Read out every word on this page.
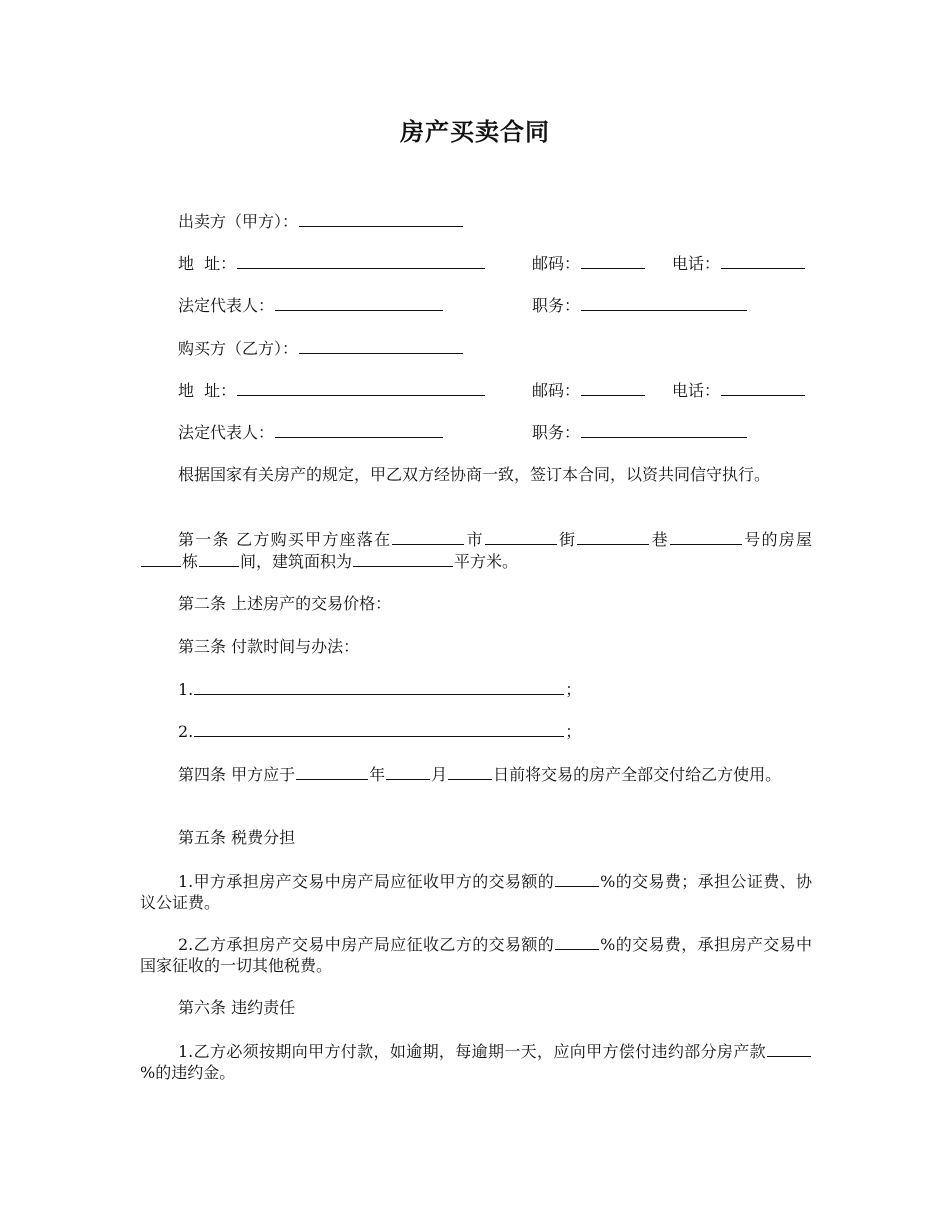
房产买卖合同
出卖方（甲方）：
地  址：	邮码：	电话：
法定代表人：	职务：
购买方（乙方）：
地  址：	邮码：	电话：
法定代表人：	职务：
根据国家有关房产的规定，甲乙双方经协商一致，签订本合同，以资共同信守执行。
第一条 乙方购买甲方座落在	市	街	巷	号的房屋栋	间，建筑面积为	平方米。
第二条 上述房产的交易价格：
第三条 付款时间与办法：
1.	；
2.	；
第四条 甲方应于	年	月	日前将交易的房产全部交付给乙方使用。
第五条 税费分担
1.甲方承担房产交易中房产局应征收甲方的交易额的	%的交易费；承担公证费、协议公证费。
2.乙方承担房产交易中房产局应征收乙方的交易额的	%的交易费，承担房产交易中国家征收的一切其他税费。
第六条 违约责任
1.乙方必须按期向甲方付款，如逾期，每逾期一天，应向甲方偿付违约部分房产款%的违约金。
